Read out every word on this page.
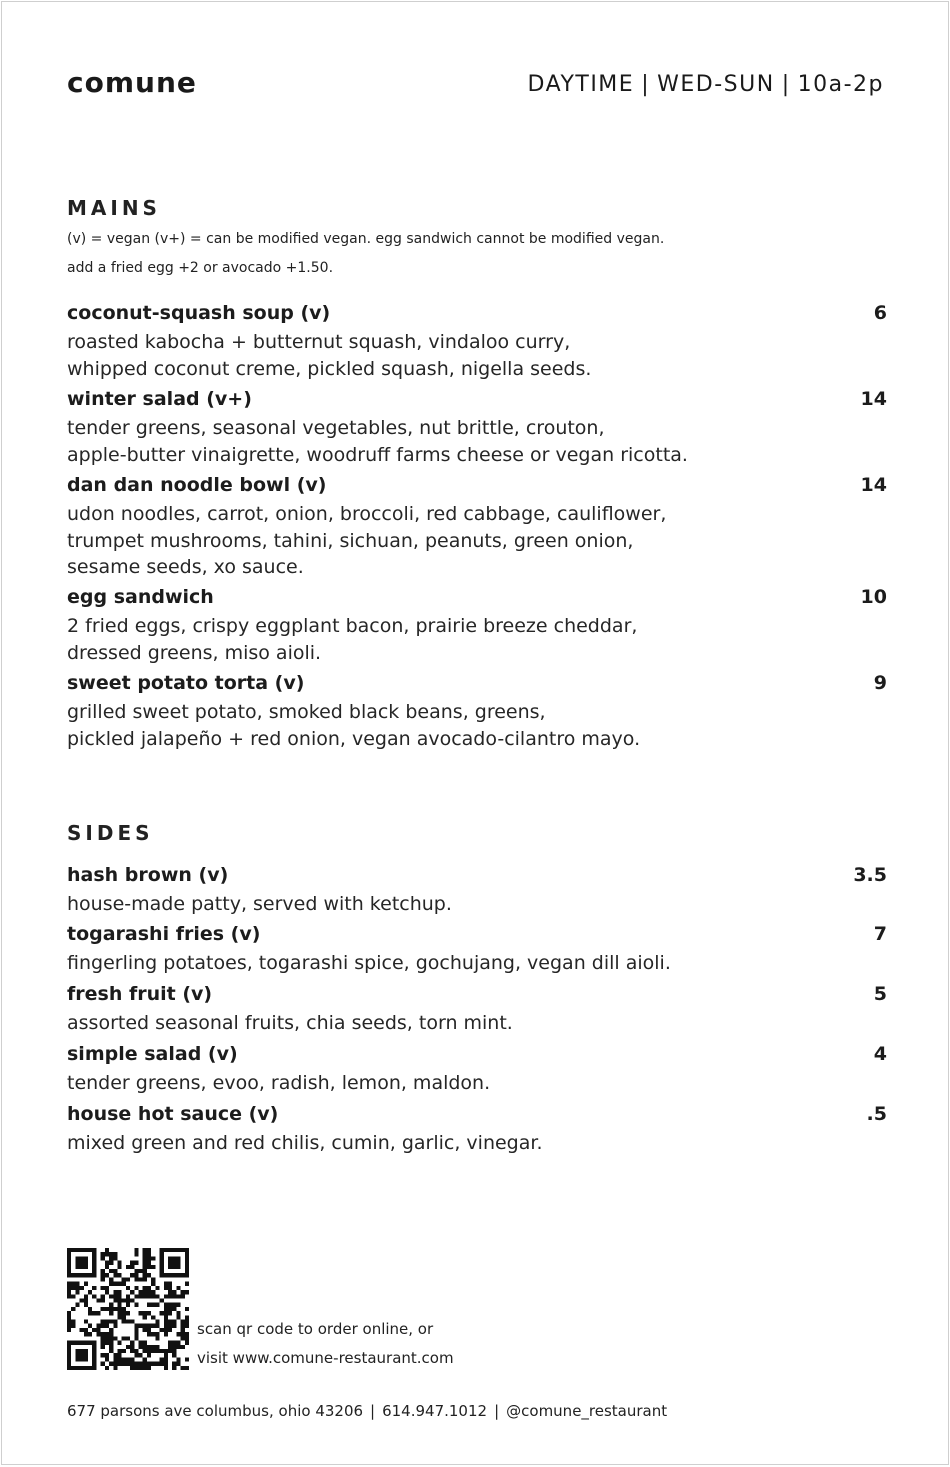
comune	DAYTIME | WED-SUN | 10a-2p
MAINS
(v) = vegan (v+) = can be modified vegan. egg sandwich cannot be modified vegan.
add a fried egg +2 or avocado +1.50.
coconut-squash soup (v)	6
roasted kabocha + butternut squash, vindaloo curry,
whipped coconut creme, pickled squash, nigella seeds.
winter salad (v+)	14
tender greens, seasonal vegetables, nut brittle, crouton,
apple-butter vinaigrette, woodruff farms cheese or vegan ricotta.
dan dan noodle bowl (v)	14
udon noodles, carrot, onion, broccoli, red cabbage, cauliflower,
trumpet mushrooms, tahini, sichuan, peanuts, green onion,
sesame seeds, xo sauce.
egg sandwich	10
2 fried eggs, crispy eggplant bacon, prairie breeze cheddar,
dressed greens, miso aioli.
sweet potato torta (v)	9
grilled sweet potato, smoked black beans, greens,
pickled jalapeño + red onion, vegan avocado-cilantro mayo.
SIDES
hash brown (v)	3.5
house-made patty, served with ketchup.
togarashi fries (v)	7
fingerling potatoes, togarashi spice, gochujang, vegan dill aioli.
fresh fruit (v)	5
assorted seasonal fruits, chia seeds, torn mint.
simple salad (v)	4
tender greens, evoo, radish, lemon, maldon.
house hot sauce (v)	.5
mixed green and red chilis, cumin, garlic, vinegar.
scan qr code to order online, or
visit www.comune-restaurant.com
677 parsons ave columbus, ohio 43206 | 614.947.1012 | @comune_restaurant
